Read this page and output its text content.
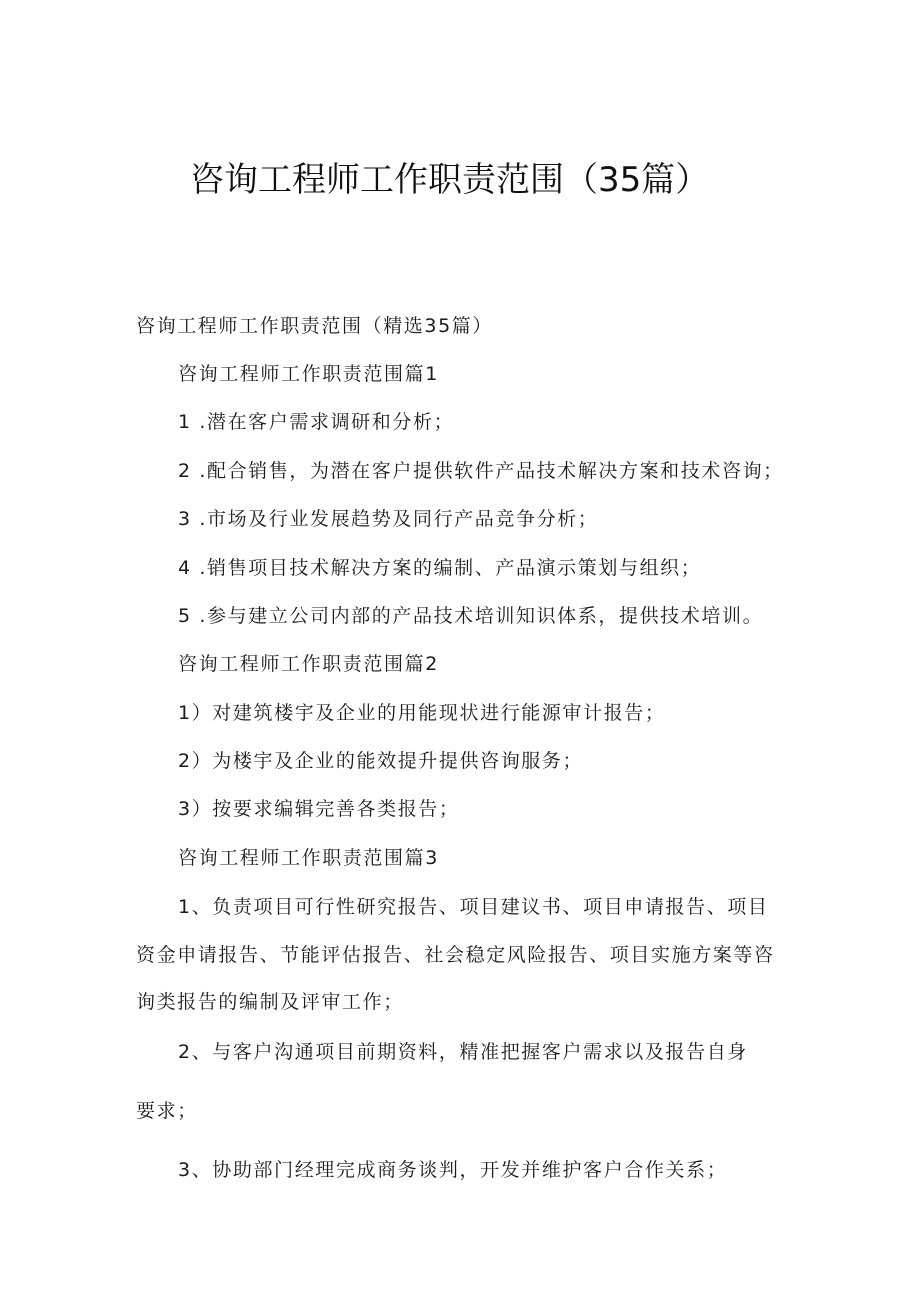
咨询工程师工作职责范围（35篇）
咨询工程师工作职责范围（精选35篇）
咨询工程师工作职责范围篇1
1 .潜在客户需求调研和分析；
2 .配合销售，为潜在客户提供软件产品技术解决方案和技术咨询；
3 .市场及行业发展趋势及同行产品竞争分析；
4 .销售项目技术解决方案的编制、产品演示策划与组织；
5 .参与建立公司内部的产品技术培训知识体系，提供技术培训。
咨询工程师工作职责范围篇2
1）对建筑楼宇及企业的用能现状进行能源审计报告；
2）为楼宇及企业的能效提升提供咨询服务；
3）按要求编辑完善各类报告；
咨询工程师工作职责范围篇3
1、负责项目可行性研究报告、项目建议书、项目申请报告、项目资金申请报告、节能评估报告、社会稳定风险报告、项目实施方案等咨询类报告的编制及评审工作；
2、与客户沟通项目前期资料，精准把握客户需求以及报告自身
要求；
3、协助部门经理完成商务谈判，开发并维护客户合作关系；
